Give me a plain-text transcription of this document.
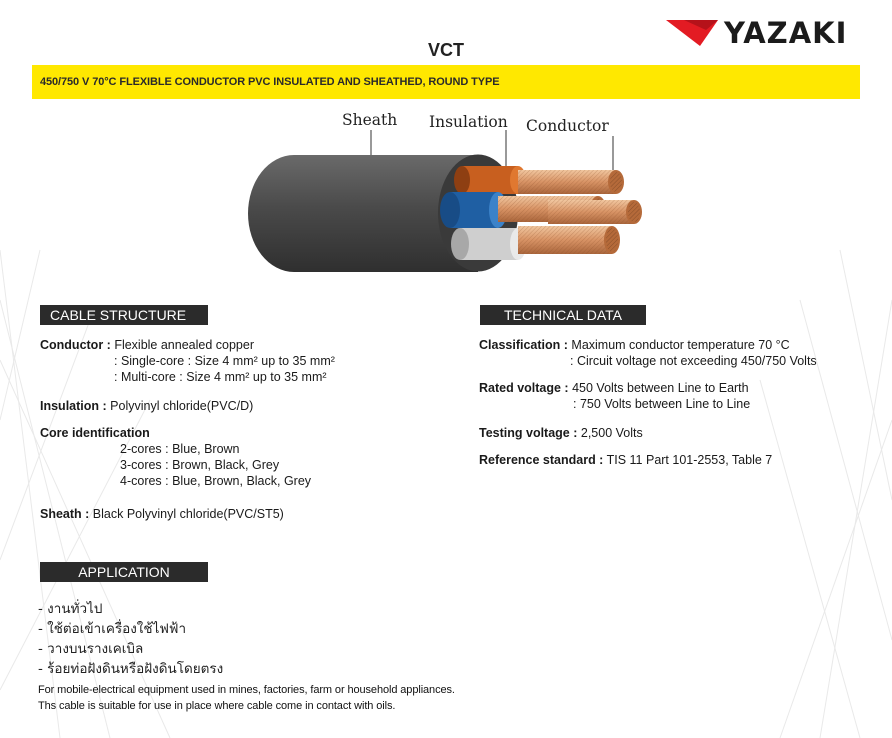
YAZAKI
VCT
450/750 V 70°C FLEXIBLE CONDUCTOR PVC INSULATED AND SHEATHED, ROUND TYPE
Sheath Insulation Conductor
CABLE STRUCTURE
Conductor : Flexible annealed copper
: Single-core : Size 4 mm² up to 35 mm²
: Multi-core : Size 4 mm² up to 35 mm²
Insulation : Polyvinyl chloride(PVC/D)
Core identification
2-cores : Blue, Brown
3-cores : Brown, Black, Grey
4-cores : Blue, Brown, Black, Grey
Sheath : Black Polyvinyl chloride(PVC/ST5)
TECHNICAL DATA
Classification : Maximum conductor temperature 70 °C
: Circuit voltage not exceeding 450/750 Volts
Rated voltage : 450 Volts between Line to Earth
: 750 Volts between Line to Line
Testing voltage : 2,500 Volts
Reference standard : TIS 11 Part 101-2553, Table 7
APPLICATION
- งานทั่วไป
- ใช้ต่อเข้าเครื่องใช้ไฟฟ้า
- วางบนรางเคเบิล
- ร้อยท่อฝังดินหรือฝังดินโดยตรง
For mobile-electrical equipment used in mines, factories, farm or household appliances.
Ths cable is suitable for use in place where cable come in contact with oils.
